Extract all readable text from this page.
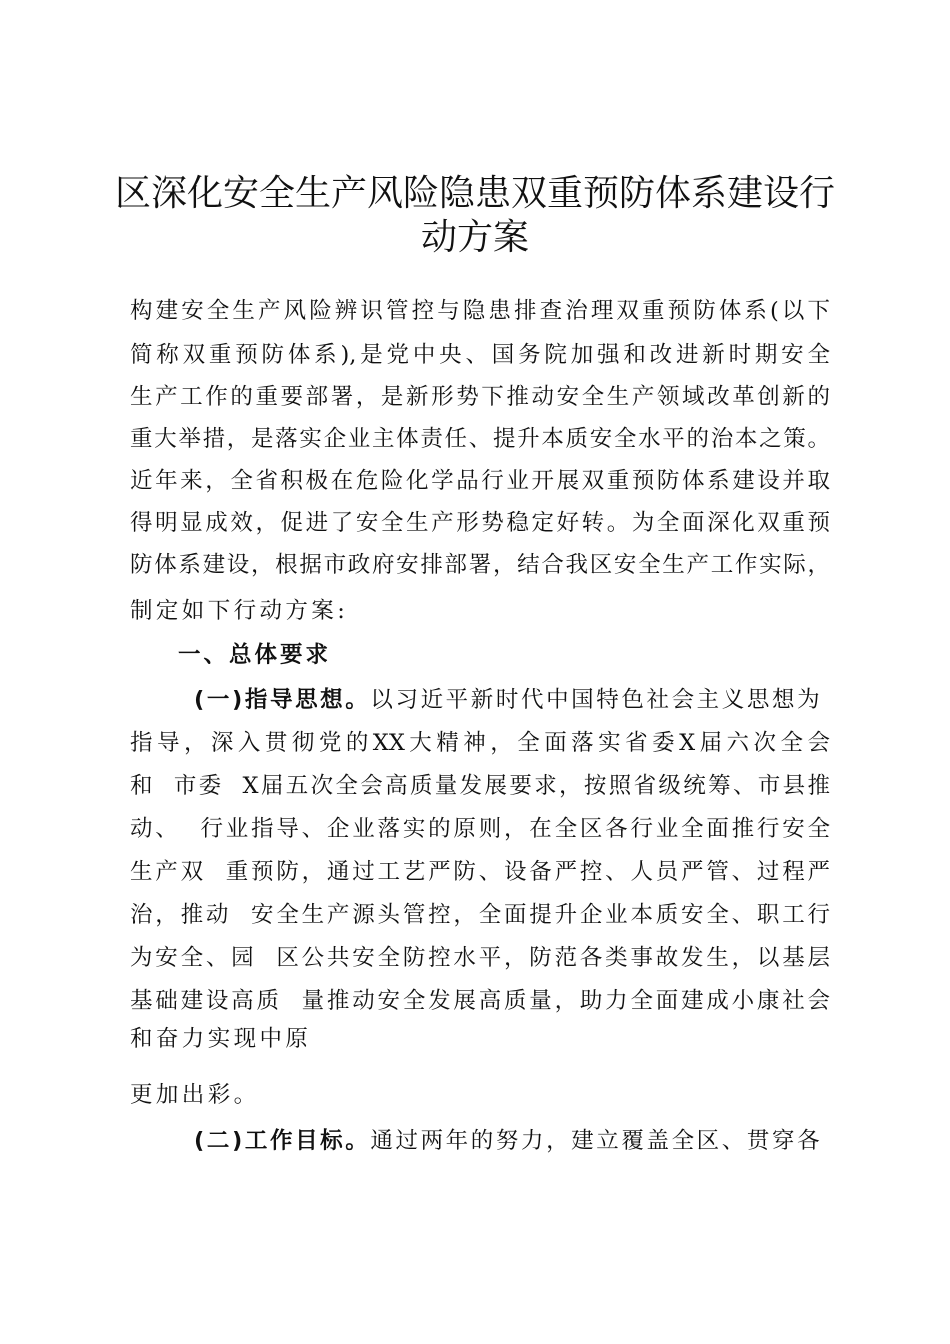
区深化安全生产风险隐患双重预防体系建设行
动方案
构建安全生产风险辨识管控与隐患排查治理双重预防体系(以下
简称双重预防体系),是党中央、国务院加强和改进新时期安全
生产工作的重要部署，是新形势下推动安全生产领域改革创新的
重大举措，是落实企业主体责任、提升本质安全水平的治本之策。
近年来，全省积极在危险化学品行业开展双重预防体系建设并取
得明显成效，促进了安全生产形势稳定好转。为全面深化双重预
防体系建设，根据市政府安排部署，结合我区安全生产工作实际，
制定如下行动方案:
一、总体要求
(一)指导思想。以习近平新时代中国特色社会主义思想为
指导，深入贯彻党的XX大精神，全面落实省委X届六次全会
和  市委  X届五次全会高质量发展要求，按照省级统筹、市县推
动、  行业指导、企业落实的原则，在全区各行业全面推行安全
生产双  重预防，通过工艺严防、设备严控、人员严管、过程严
治，推动  安全生产源头管控，全面提升企业本质安全、职工行
为安全、园  区公共安全防控水平，防范各类事故发生，以基层
基础建设高质  量推动安全发展高质量，助力全面建成小康社会
和奋力实现中原
更加出彩。
(二)工作目标。通过两年的努力，建立覆盖全区、贯穿各
